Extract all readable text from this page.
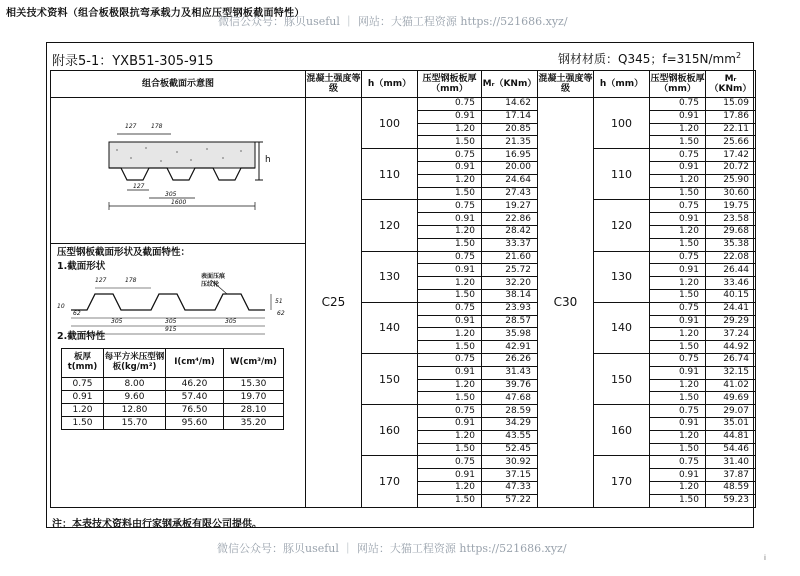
相关技术资料（组合板极限抗弯承载力及相应压型钢板截面特性）
微信公众号：豚贝useful ｜ 网站：大猫工程资源 https://521686.xyz/
附录5-1：YXB51-305-915	钢材材质：Q345；$f=315N/mm^2$
组合板截面示意图	混凝土强度等级	h（mm）	压型钢板板厚（mm）	Mᵣ（KNm）	混凝土强度等级	h（mm）	压型钢板板厚（mm）	Mᵣ（KNm）

127 178
127
305
1600
h
压型钢板截面形状及截面特性：
1.截面形状
127	178
表面压痕
压纹轮
10
51
62	62
305	305	305
915
2.截面特性
板厚t(mm)	每平方米压型钢板(kg/m²)	I(cm⁴/m)	W(cm³/m)
0.75	8.00	46.20	15.30
0.91	9.60	57.40	19.70
1.20	12.80	76.50	28.10
1.50	15.70	95.60	35.20
	C25	100	0.75	14.62	C30	100	0.75	15.09
0.91	17.14	0.91	17.86
1.20	20.85	1.20	22.11
1.50	21.35	1.50	25.66
110	0.75	16.95	110	0.75	17.42
0.91	20.00	0.91	20.72
1.20	24.64	1.20	25.90
1.50	27.43	1.50	30.60
120	0.75	19.27	120	0.75	19.75
0.91	22.86	0.91	23.58
1.20	28.42	1.20	29.68
1.50	33.37	1.50	35.38
130	0.75	21.60	130	0.75	22.08
0.91	25.72	0.91	26.44
1.20	32.20	1.20	33.46
1.50	38.14	1.50	40.15
140	0.75	23.93	140	0.75	24.41
0.91	28.57	0.91	29.29
1.20	35.98	1.20	37.24
1.50	42.91	1.50	44.92
150	0.75	26.26	150	0.75	26.74
0.91	31.43	0.91	32.15
1.20	39.76	1.20	41.02
1.50	47.68	1.50	49.69
160	0.75	28.59	160	0.75	29.07
0.91	34.29	0.91	35.01
1.20	43.55	1.20	44.81
1.50	52.45	1.50	54.46
170	0.75	30.92	170	0.75	31.40
0.91	37.15	0.91	37.87
1.20	47.33	1.20	48.59
1.50	57.22	1.50	59.23
注：本表技术资料由行家钢承板有限公司提供。
微信公众号：豚贝useful ｜ 网站：大猫工程资源 https://521686.xyz/
i
